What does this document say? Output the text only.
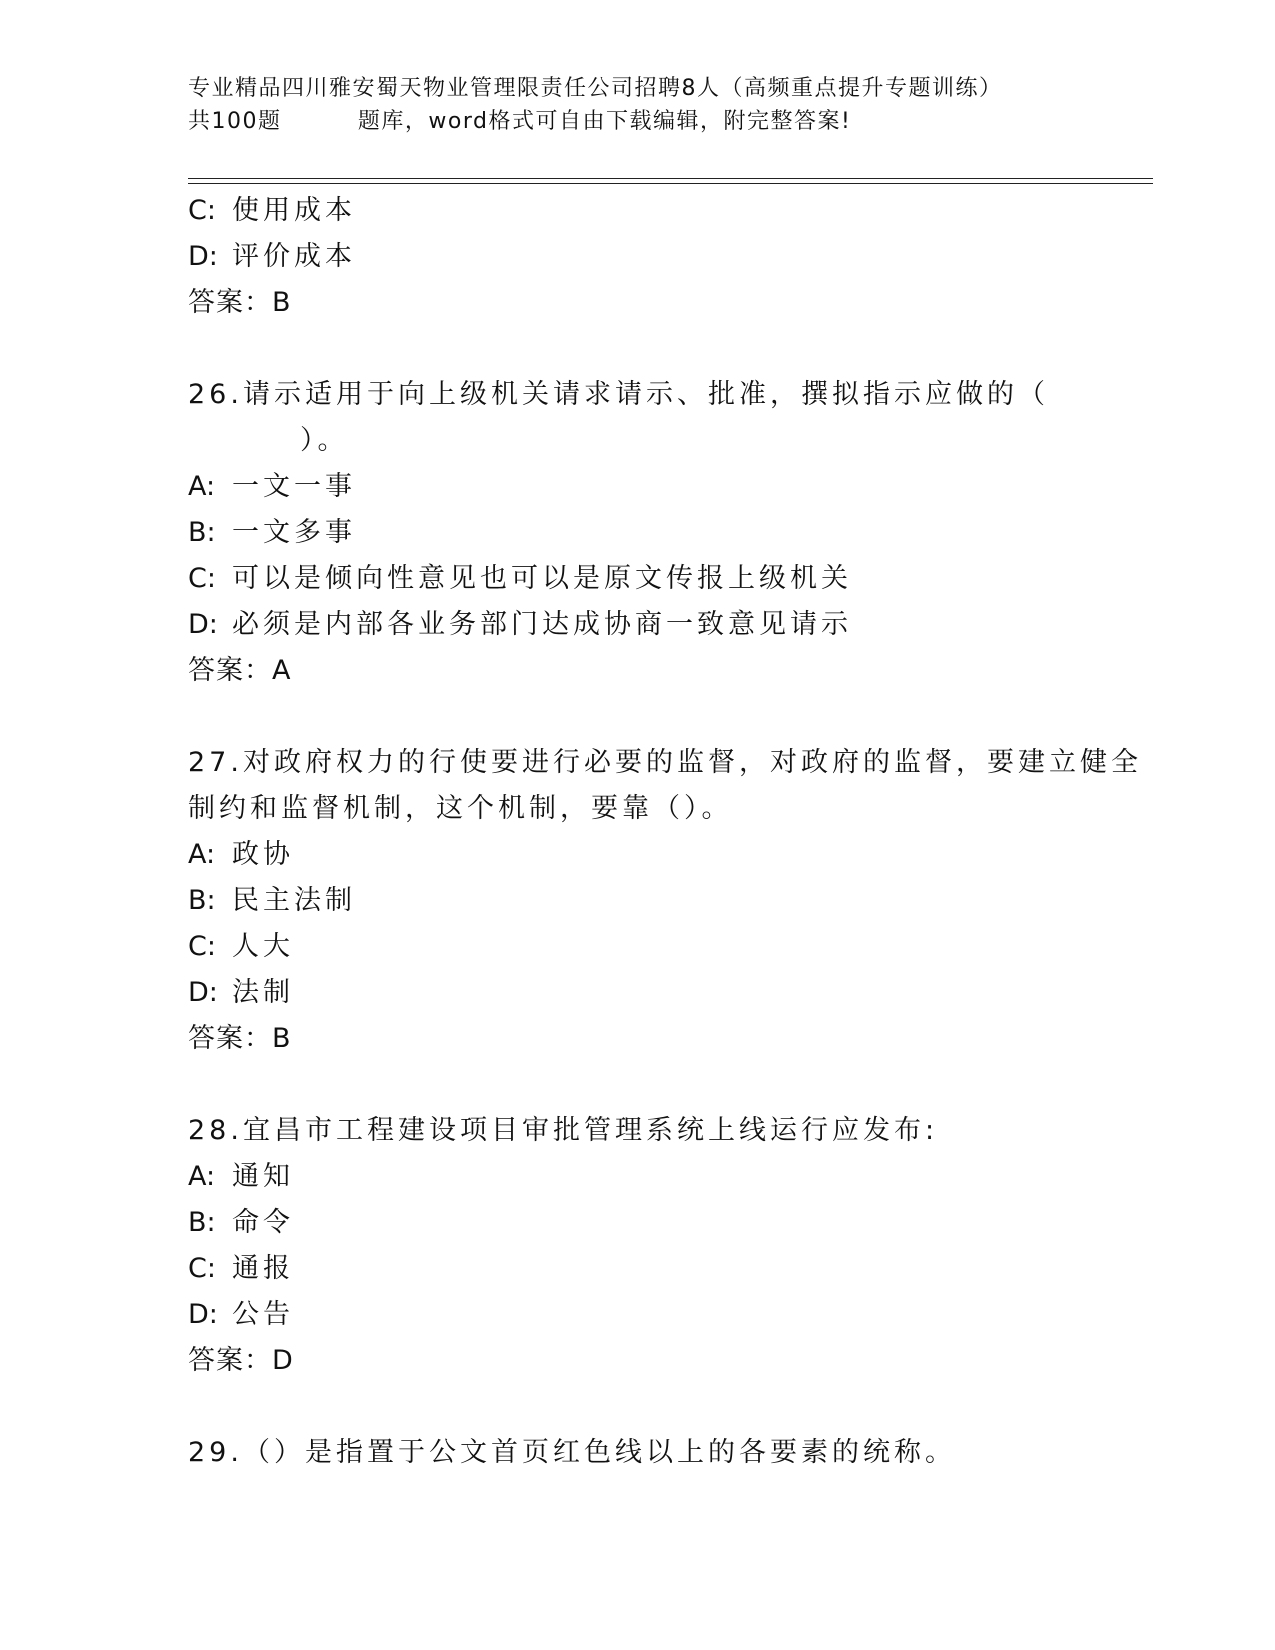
专业精品四川雅安蜀天物业管理限责任公司招聘8人（高频重点提升专题训练）
共100题         题库，word格式可自由下载编辑，附完整答案!
C: 使用成本
D: 评价成本
答案：B
26.请示适用于向上级机关请求请示、批准，撰拟指示应做的（
）。
A: 一文一事
B: 一文多事
C: 可以是倾向性意见也可以是原文传报上级机关
D: 必须是内部各业务部门达成协商一致意见请示
答案：A
27.对政府权力的行使要进行必要的监督，对政府的监督，要建立健全
制约和监督机制，这个机制，要靠（）。
A: 政协
B: 民主法制
C: 人大
D: 法制
答案：B
28.宜昌市工程建设项目审批管理系统上线运行应发布:
A: 通知
B: 命令
C: 通报
D: 公告
答案：D
29.（）是指置于公文首页红色线以上的各要素的统称。
